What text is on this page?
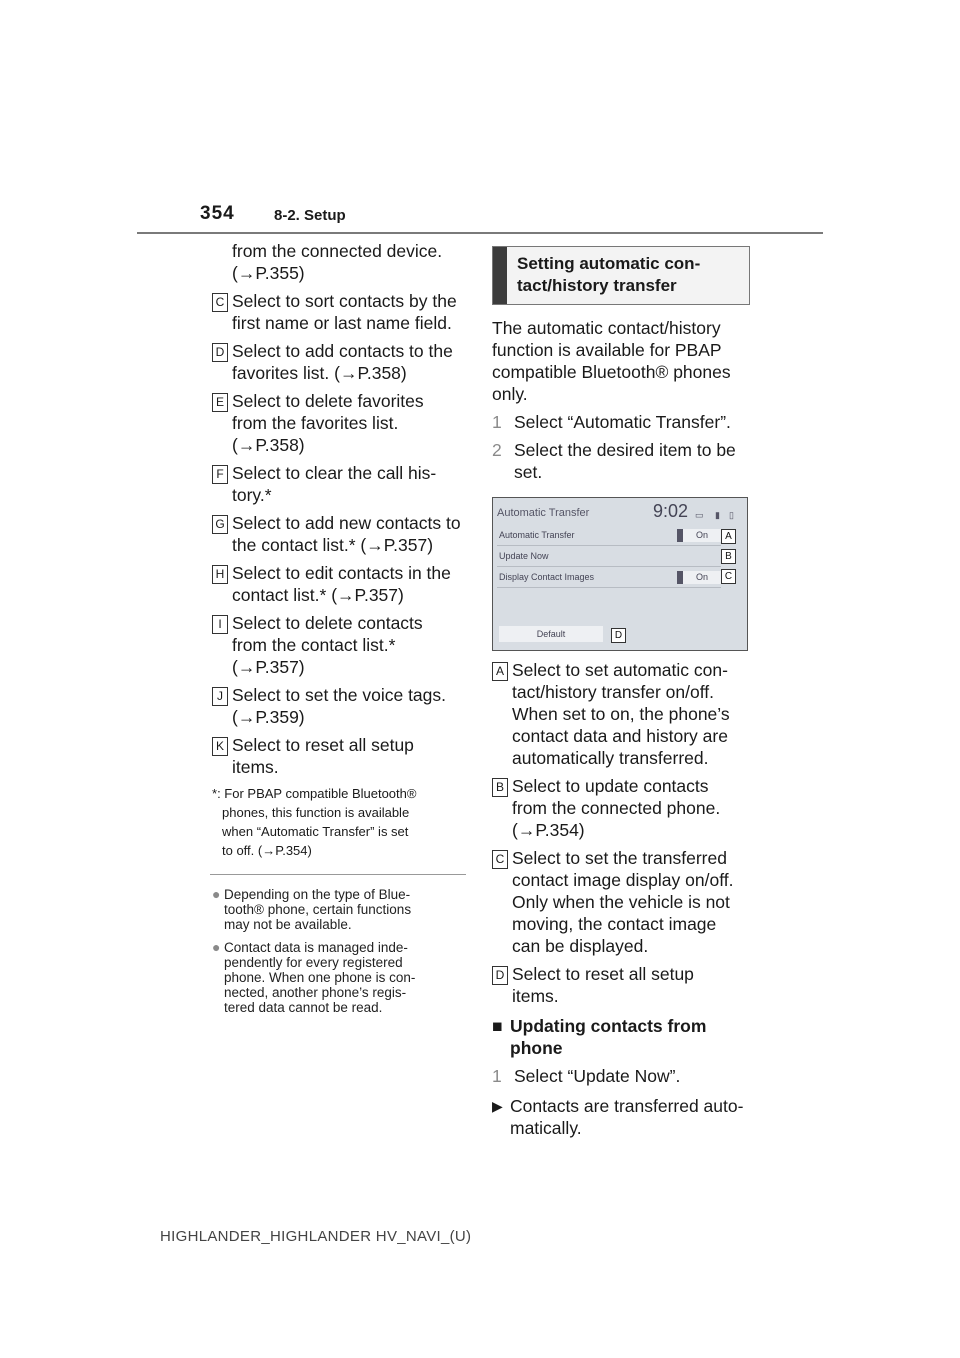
354	8-2. Setup
from the connected device.
(→P.355)
C Select to sort contacts by the
first name or last name field.
D Select to add contacts to the
favorites list. (→P.358)
E Select to delete favorites
from the favorites list.
(→P.358)
F Select to clear the call his-
tory.*
G Select to add new contacts to
the contact list.* (→P.357)
H Select to edit contacts in the
contact list.* (→P.357)
I Select to delete contacts
from the contact list.*
(→P.357)
J Select to set the voice tags.
(→P.359)
K Select to reset all setup
items.
*: For PBAP compatible Bluetooth®
phones, this function is available
when “Automatic Transfer” is set
to off. (→P.354)
● Depending on the type of Blue-
tooth® phone, certain functions
may not be available.
● Contact data is managed inde-
pendently for every registered
phone. When one phone is con-
nected, another phone’s regis-
tered data cannot be read.
Setting automatic con-
tact/history transfer
The automatic contact/history
function is available for PBAP
compatible Bluetooth® phones
only.
1 Select “Automatic Transfer”.
2 Select the desired item to be
set.
Automatic Transfer	9:02 ▭ ▮ ▯
Automatic Transfer	On
Update Now
Display Contact Images	On
A
B
C
Default	D
A Select to set automatic con-
tact/history transfer on/off.
When set to on, the phone’s
contact data and history are
automatically transferred.
B Select to update contacts
from the connected phone.
(→P.354)
C Select to set the transferred
contact image display on/off.
Only when the vehicle is not
moving, the contact image
can be displayed.
D Select to reset all setup
items.
■ Updating contacts from
phone
1 Select “Update Now”.
▶ Contacts are transferred auto-
matically.
HIGHLANDER_HIGHLANDER HV_NAVI_(U)
